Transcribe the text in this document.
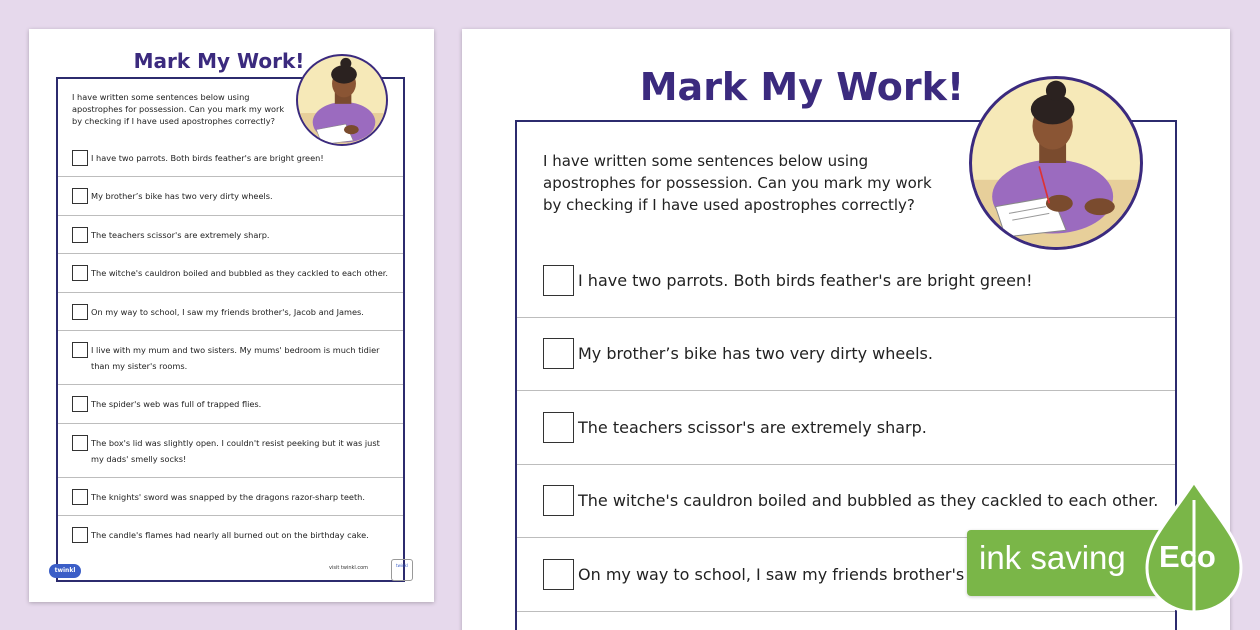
Mark My Work!
I have written some sentences below using
apostrophes for possession. Can you mark my work
by checking if I have used apostrophes correctly?
I have two parrots. Both birds feather's are bright green!
My brother’s bike has two very dirty wheels.
The teachers scissor's are extremely sharp.
The witche's cauldron boiled and bubbled as they cackled to each other.
On my way to school, I saw my friends brother's, Jacob and James.
I live with my mum and two sisters. My mums' bedroom is much tidier than my sister's rooms.
The spider's web was full of trapped flies.
The box's lid was slightly open. I couldn't resist peeking but it was just my dads' smelly socks!
The knights' sword was snapped by the dragons razor-sharp teeth.
The candle's flames had nearly all burned out on the birthday cake.
twinkl	visit twinkl.com	twinkl
Mark My Work!
I have written some sentences below using
apostrophes for possession. Can you mark my work
by checking if I have used apostrophes correctly?
I have two parrots. Both birds feather's are bright green!
My brother’s bike has two very dirty wheels.
The teachers scissor's are extremely sharp.
The witche's cauldron boiled and bubbled as they cackled to each other.
On my way to school, I saw my friends brother's ink saving Eco
